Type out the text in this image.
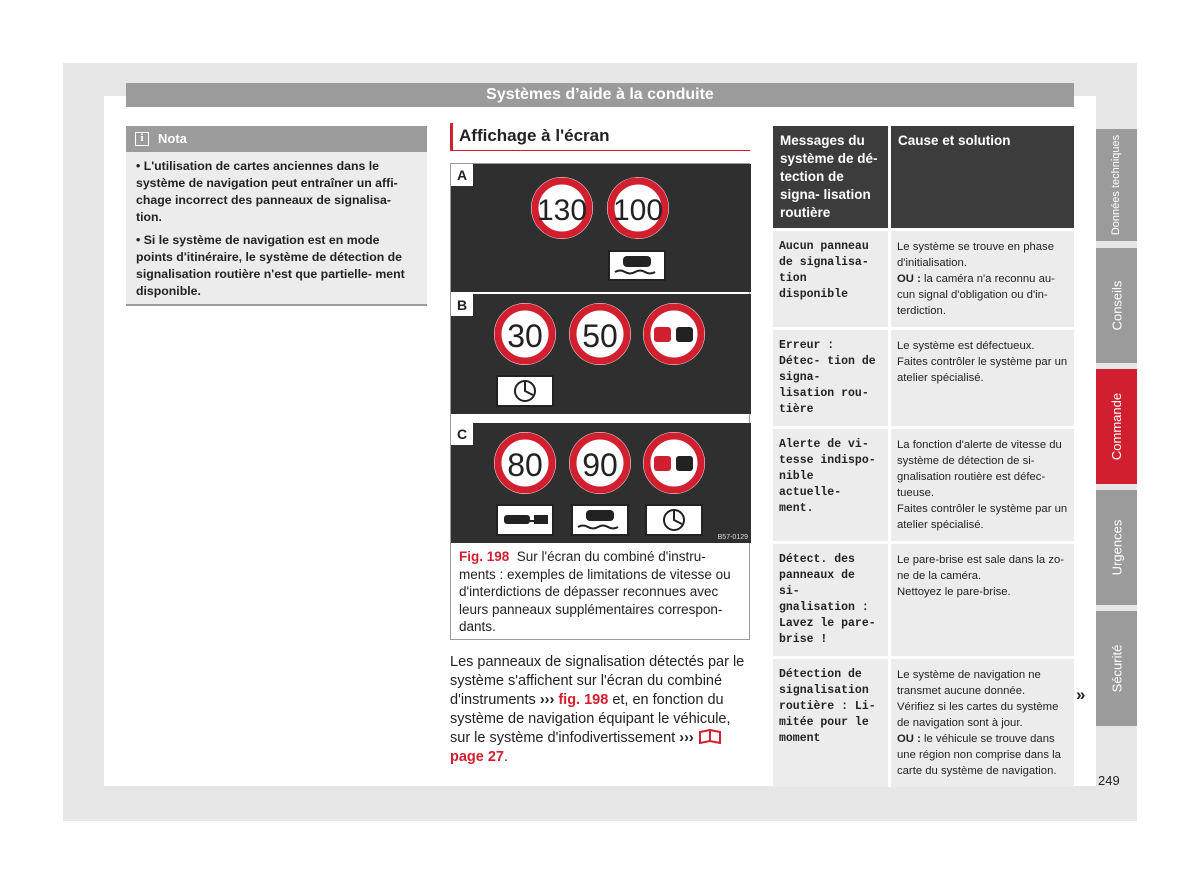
Systèmes d’aide à la conduite
i	Nota

• L'utilisation de cartes anciennes dans le système de navigation peut entraîner un affi- chage incorrect des panneaux de signalisa- tion.

• Si le système de navigation est en mode points d'itinéraire, le système de détection de signalisation routière n'est que partielle- ment disponible.

Affichage à l'écran
A
130 100
B
30 50
C
80 90
B57-0129
Fig. 198 Sur l'écran du combiné d'instru- ments : exemples de limitations de vitesse ou d'interdictions de dépasser reconnues avec leurs panneaux supplémentaires correspon- dants.
Les panneaux de signalisation détectés par le système s'affichent sur l'écran du combiné d'instruments ››› fig. 198 et, en fonction du système de navigation équipant le véhicule, sur le système d'infodivertissement ›››  page 27.
Messages du système de dé- tection de signa- lisation routière	Cause et solution
Aucun panneau de signalisa- tion disponible	Le système se trouve en phase d'initialisation.
OU : la caméra n'a reconnu au- cun signal d'obligation ou d'in- terdiction.
Erreur : Détec- tion de signa- lisation rou- tière	Le système est défectueux.
Faites contrôler le système par un atelier spécialisé.
Alerte de vi- tesse indispo- nible actuelle- ment.	La fonction d'alerte de vitesse du système de détection de si- gnalisation routière est défec- tueuse.
Faites contrôler le système par un atelier spécialisé.
Détect. des panneaux de si- gnalisation : Lavez le pare- brise !	Le pare-brise est sale dans la zo- ne de la caméra.
Nettoyez le pare-brise.
Détection de signalisation routière : Li- mitée pour le moment	Le système de navigation ne transmet aucune donnée.
Vérifiez si les cartes du système de navigation sont à jour.
OU : le véhicule se trouve dans une région non comprise dans la carte du système de navigation.
»
Données techniques
Conseils
Commande
Urgences
Sécurité
249
